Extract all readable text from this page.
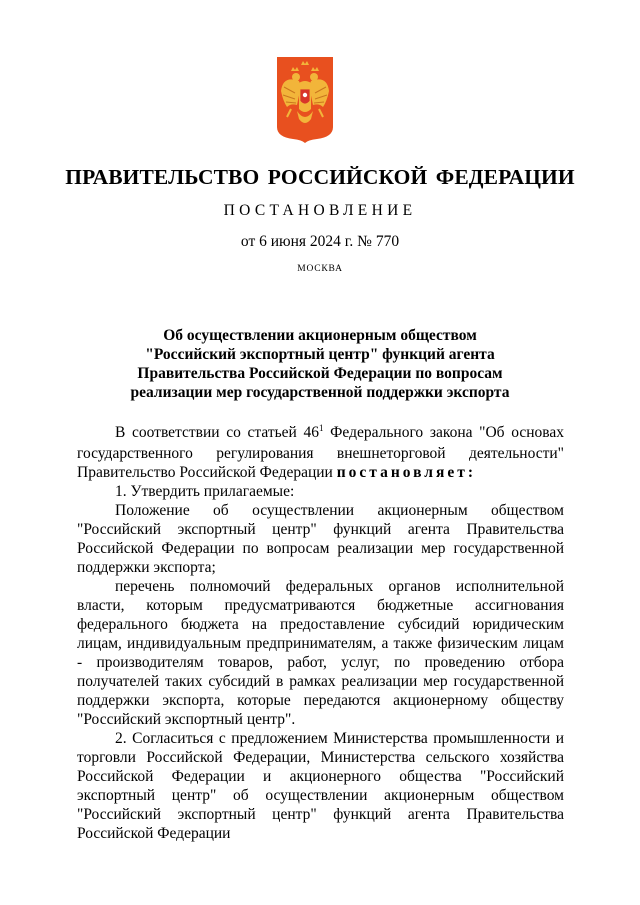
ПРАВИТЕЛЬСТВО РОССИЙСКОЙ ФЕДЕРАЦИИ
ПОСТАНОВЛЕНИЕ
от 6 июня 2024 г. № 770
МОСКВА
Об осуществлении акционерным обществом
"Российский экспортный центр" функций агента
Правительства Российской Федерации по вопросам
реализации мер государственной поддержки экспорта

В соответствии со статьей $46^1$ Федерального закона "Об основах государственного регулирования внешнеторговой деятельности" Правительство Российской Федерации постановляет:

1. Утвердить прилагаемые:

Положение об осуществлении акционерным обществом "Российский экспортный центр" функций агента Правительства Российской Федерации по вопросам реализации мер государственной поддержки экспорта;

перечень полномочий федеральных органов исполнительной власти, которым предусматриваются бюджетные ассигнования федерального бюджета на предоставление субсидий юридическим лицам, индивидуальным предпринимателям, а также физическим лицам - производителям товаров, работ, услуг, по проведению отбора получателей таких субсидий в рамках реализации мер государственной поддержки экспорта, которые передаются акционерному обществу "Российский экспортный центр".

2. Согласиться с предложением Министерства промышленности и торговли Российской Федерации, Министерства сельского хозяйства Российской Федерации и акционерного общества "Российский экспортный центр" об осуществлении акционерным обществом "Российский экспортный центр" функций агента Правительства Российской Федерации
